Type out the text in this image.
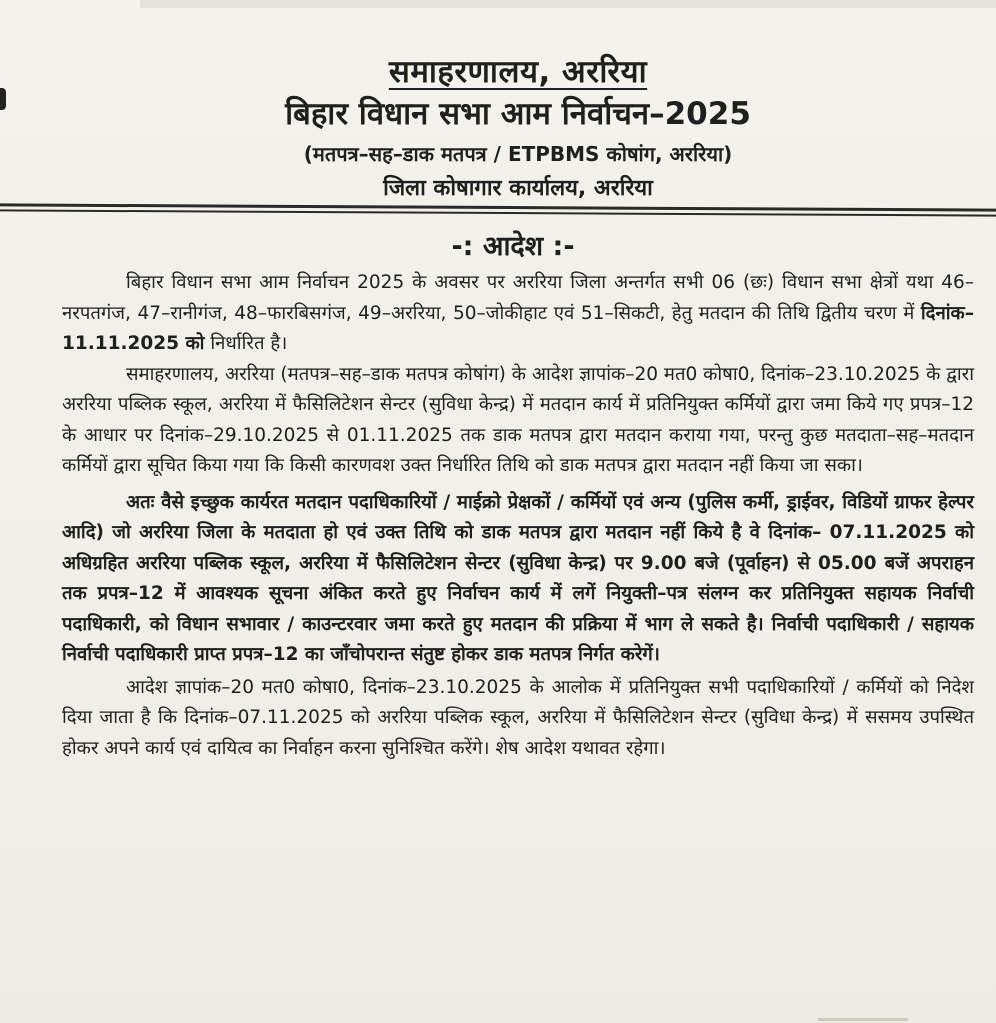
समाहरणालय, अररिया
बिहार विधान सभा आम निर्वाचन–2025
(मतपत्र–सह–डाक मतपत्र / ETPBMS कोषांग, अररिया)
जिला कोषागार कार्यालय, अररिया
-: आदेश :-

बिहार विधान सभा आम निर्वाचन 2025 के अवसर पर अररिया जिला अन्तर्गत सभी 06 (छः) विधान सभा क्षेत्रों यथा 46–नरपतगंज, 47–रानीगंज, 48–फारबिसगंज, 49–अररिया, 50–जोकीहाट एवं 51–सिकटी, हेतु मतदान की तिथि द्वितीय चरण में दिनांक–11.11.2025 को निर्धारित है।

समाहरणालय, अररिया (मतपत्र–सह–डाक मतपत्र कोषांग) के आदेश ज्ञापांक–20 मत0 कोषा0, दिनांक–23.10.2025 के द्वारा अररिया पब्लिक स्कूल, अररिया में फैसिलिटेशन सेन्टर (सुविधा केन्द्र) में मतदान कार्य में प्रतिनियुक्त कर्मियों द्वारा जमा किये गए प्रपत्र–12 के आधार पर दिनांक–29.10.2025 से 01.11.2025 तक डाक मतपत्र द्वारा मतदान कराया गया, परन्तु कुछ मतदाता–सह–मतदान कर्मियों द्वारा सूचित किया गया कि किसी कारणवश उक्त निर्धारित तिथि को डाक मतपत्र द्वारा मतदान नहीं किया जा सका।

अतः वैसे इच्छुक कार्यरत मतदान पदाधिकारियों / माईक्रो प्रेक्षकों / कर्मियों एवं अन्य (पुलिस कर्मी, ड्राईवर, विडियों ग्राफर हेल्पर आदि) जो अररिया जिला के मतदाता हो एवं उक्त तिथि को डाक मतपत्र द्वारा मतदान नहीं किये है वे दिनांक– 07.11.2025 को अधिग्रहित अररिया पब्लिक स्कूल, अररिया में फैसिलिटेशन सेन्टर (सुविधा केन्द्र) पर 9.00 बजे (पूर्वाहन) से 05.00 बजें अपराहन तक प्रपत्र–12 में आवश्यक सूचना अंकित करते हुए निर्वाचन कार्य में लगें नियुक्ती–पत्र संलग्न कर प्रतिनियुक्त सहायक निर्वाची पदाधिकारी, को विधान सभावार / काउन्टरवार जमा करते हुए मतदान की प्रक्रिया में भाग ले सकते है। निर्वाची पदाधिकारी / सहायक निर्वाची पदाधिकारी प्राप्त प्रपत्र–12 का जाँचोपरान्त संतुष्ट होकर डाक मतपत्र निर्गत करेगें।

आदेश ज्ञापांक–20 मत0 कोषा0, दिनांक–23.10.2025 के आलोक में प्रतिनियुक्त सभी पदाधिकारियों / कर्मियों को निदेश दिया जाता है कि दिनांक–07.11.2025 को अररिया पब्लिक स्कूल, अररिया में फैसिलिटेशन सेन्टर (सुविधा केन्द्र) में ससमय उपस्थित होकर अपने कार्य एवं दायित्व का निर्वाहन करना सुनिश्चित करेंगे। शेष आदेश यथावत रहेगा।
